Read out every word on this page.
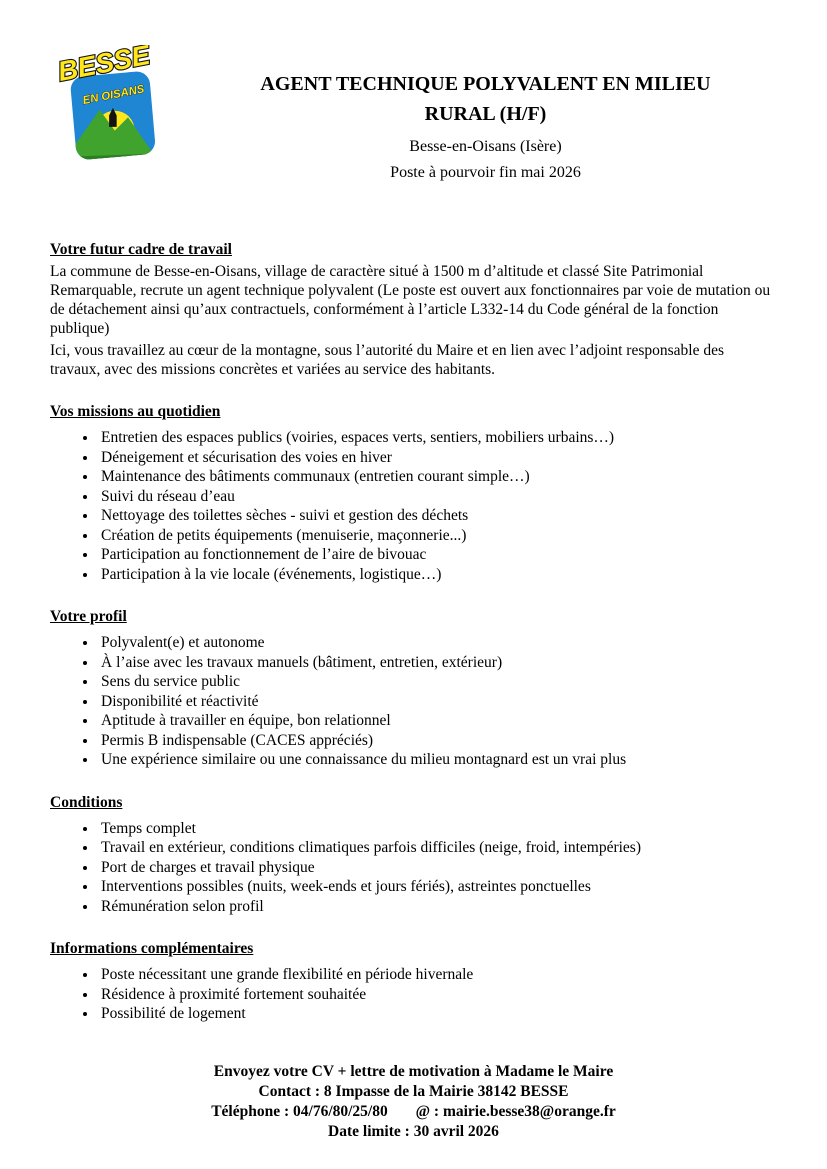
BESSE
EN OISANS	AGENT TECHNIQUE POLYVALENT EN MILIEU
RURAL (H/F)
Besse-en-Oisans (Isère)
Poste à pourvoir fin mai 2026
Votre futur cadre de travail

La commune de Besse-en-Oisans, village de caractère situé à 1500 m d’altitude et classé Site Patrimonial Remarquable, recrute un agent technique polyvalent (Le poste est ouvert aux fonctionnaires par voie de mutation ou de détachement ainsi qu’aux contractuels, conformément à l’article L332-14 du Code général de la fonction publique)

Ici, vous travaillez au cœur de la montagne, sous l’autorité du Maire et en lien avec l’adjoint responsable des travaux, avec des missions concrètes et variées au service des habitants.

Vos missions au quotidien
• Entretien des espaces publics (voiries, espaces verts, sentiers, mobiliers urbains…)
• Déneigement et sécurisation des voies en hiver
• Maintenance des bâtiments communaux (entretien courant simple…)
• Suivi du réseau d’eau
• Nettoyage des toilettes sèches - suivi et gestion des déchets
• Création de petits équipements (menuiserie, maçonnerie...)
• Participation au fonctionnement de l’aire de bivouac
• Participation à la vie locale (événements, logistique…)
Votre profil
• Polyvalent(e) et autonome
• À l’aise avec les travaux manuels (bâtiment, entretien, extérieur)
• Sens du service public
• Disponibilité et réactivité
• Aptitude à travailler en équipe, bon relationnel
• Permis B indispensable (CACES appréciés)
• Une expérience similaire ou une connaissance du milieu montagnard est un vrai plus
Conditions
• Temps complet
• Travail en extérieur, conditions climatiques parfois difficiles (neige, froid, intempéries)
• Port de charges et travail physique
• Interventions possibles (nuits, week-ends et jours fériés), astreintes ponctuelles
• Rémunération selon profil
Informations complémentaires
• Poste nécessitant une grande flexibilité en période hivernale
• Résidence à proximité fortement souhaitée
• Possibilité de logement
Envoyez votre CV + lettre de motivation à Madame le Maire
Contact : 8 Impasse de la Mairie 38142 BESSE
Téléphone : 04/76/80/25/80 @ : mairie.besse38@orange.fr
Date limite : 30 avril 2026
